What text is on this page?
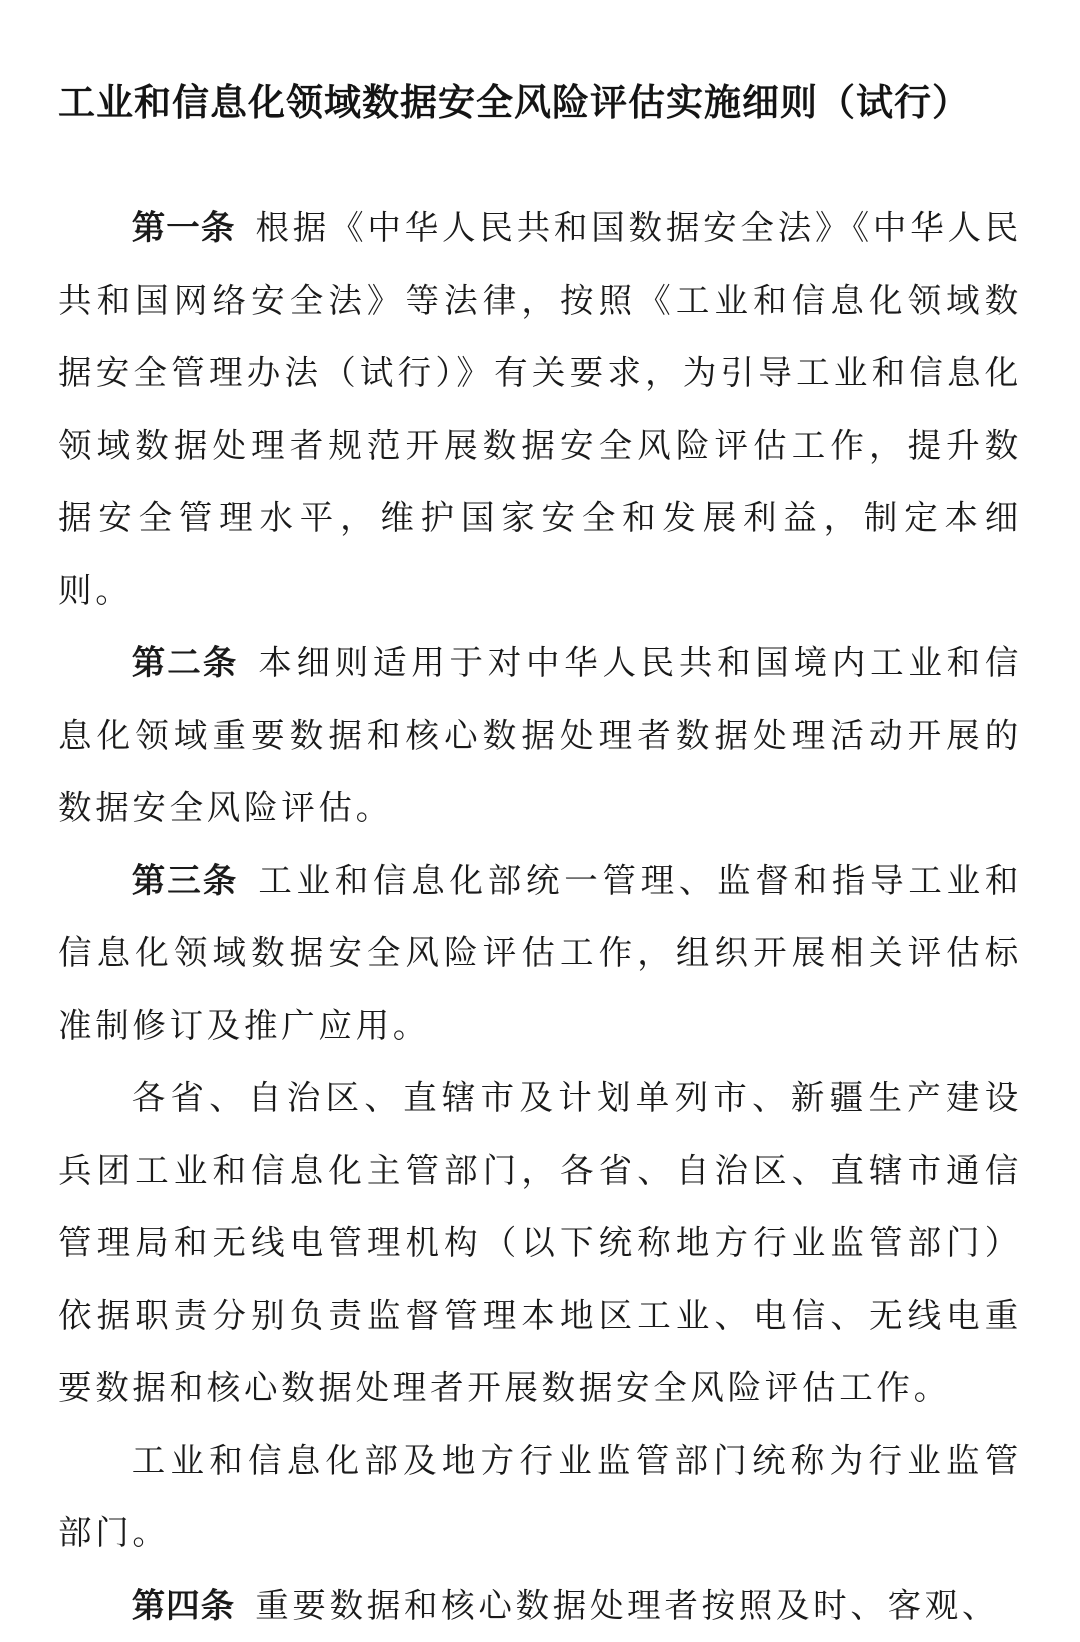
工业和信息化领域数据安全风险评估实施细则（试行）

第一条 根据《中华人民共和国数据安全法》《中华人民共和国网络安全法》等法律，按照《工业和信息化领域数据安全管理办法（试行）》有关要求，为引导工业和信息化领域数据处理者规范开展数据安全风险评估工作，提升数据安全管理水平，维护国家安全和发展利益，制定本细则。

第二条 本细则适用于对中华人民共和国境内工业和信息化领域重要数据和核心数据处理者数据处理活动开展的数据安全风险评估。

第三条 工业和信息化部统一管理、监督和指导工业和信息化领域数据安全风险评估工作，组织开展相关评估标准制修订及推广应用。

各省、自治区、直辖市及计划单列市、新疆生产建设兵团工业和信息化主管部门，各省、自治区、直辖市通信管理局和无线电管理机构（以下统称地方行业监管部门）依据职责分别负责监督管理本地区工业、电信、无线电重要数据和核心数据处理者开展数据安全风险评估工作。

工业和信息化部及地方行业监管部门统称为行业监管部门。

第四条 重要数据和核心数据处理者按照及时、客观、
